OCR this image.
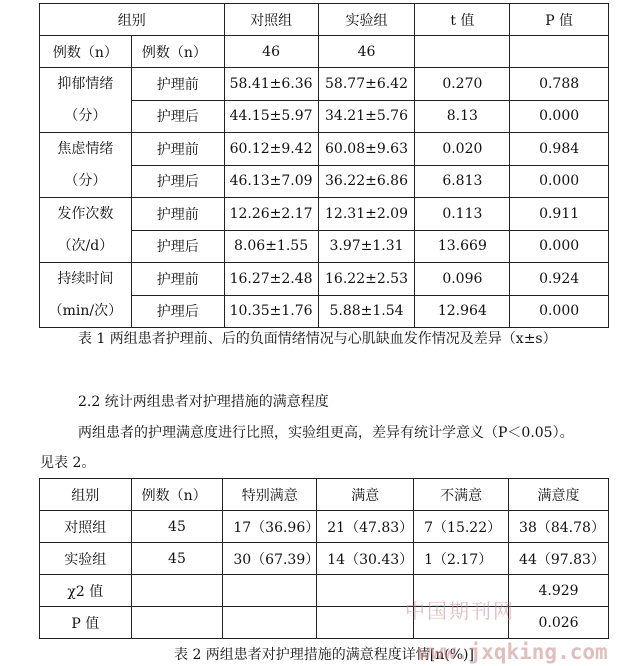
组别		对照组	实验组	t 值	P 值
例数（n）	例数（n）	46	46		
抑郁情绪
（分）	护理前	58.41±6.36	58.77±6.42	0.270	0.788
	护理后	44.15±5.97	34.21±5.76	8.13	0.000
焦虑情绪
（分）	护理前	60.12±9.42	60.08±9.63	0.020	0.984
	护理后	46.13±7.09	36.22±6.86	6.813	0.000
发作次数
（次/d）	护理前	12.26±2.17	12.31±2.09	0.113	0.911
	护理后	8.06±1.55	3.97±1.31	13.669	0.000
持续时间
（min/次）	护理前	16.27±2.48	16.22±2.53	0.096	0.924
	护理后	10.35±1.76	5.88±1.54	12.964	0.000
表 1 两组患者护理前、后的负面情绪情况与心肌缺血发作情况及差异（x±s）
2.2 统计两组患者对护理措施的满意程度
两组患者的护理满意度进行比照，实验组更高，差异有统计学意义（P＜0.05）。
见表 2。
组别	例数（n）	特别满意	满意	不满意	满意度
对照组	45	17（36.96）	21（47.83）	7（15.22）	38（84.78）
实验组	45	30（67.39）	14（30.43）	1（2.17）	44（97.83）
χ2 值					4.929
P 值					0.026
中国期刊网
表 2 两组患者对护理措施的满意程度详情[n(%)]
www.jxqking.com
